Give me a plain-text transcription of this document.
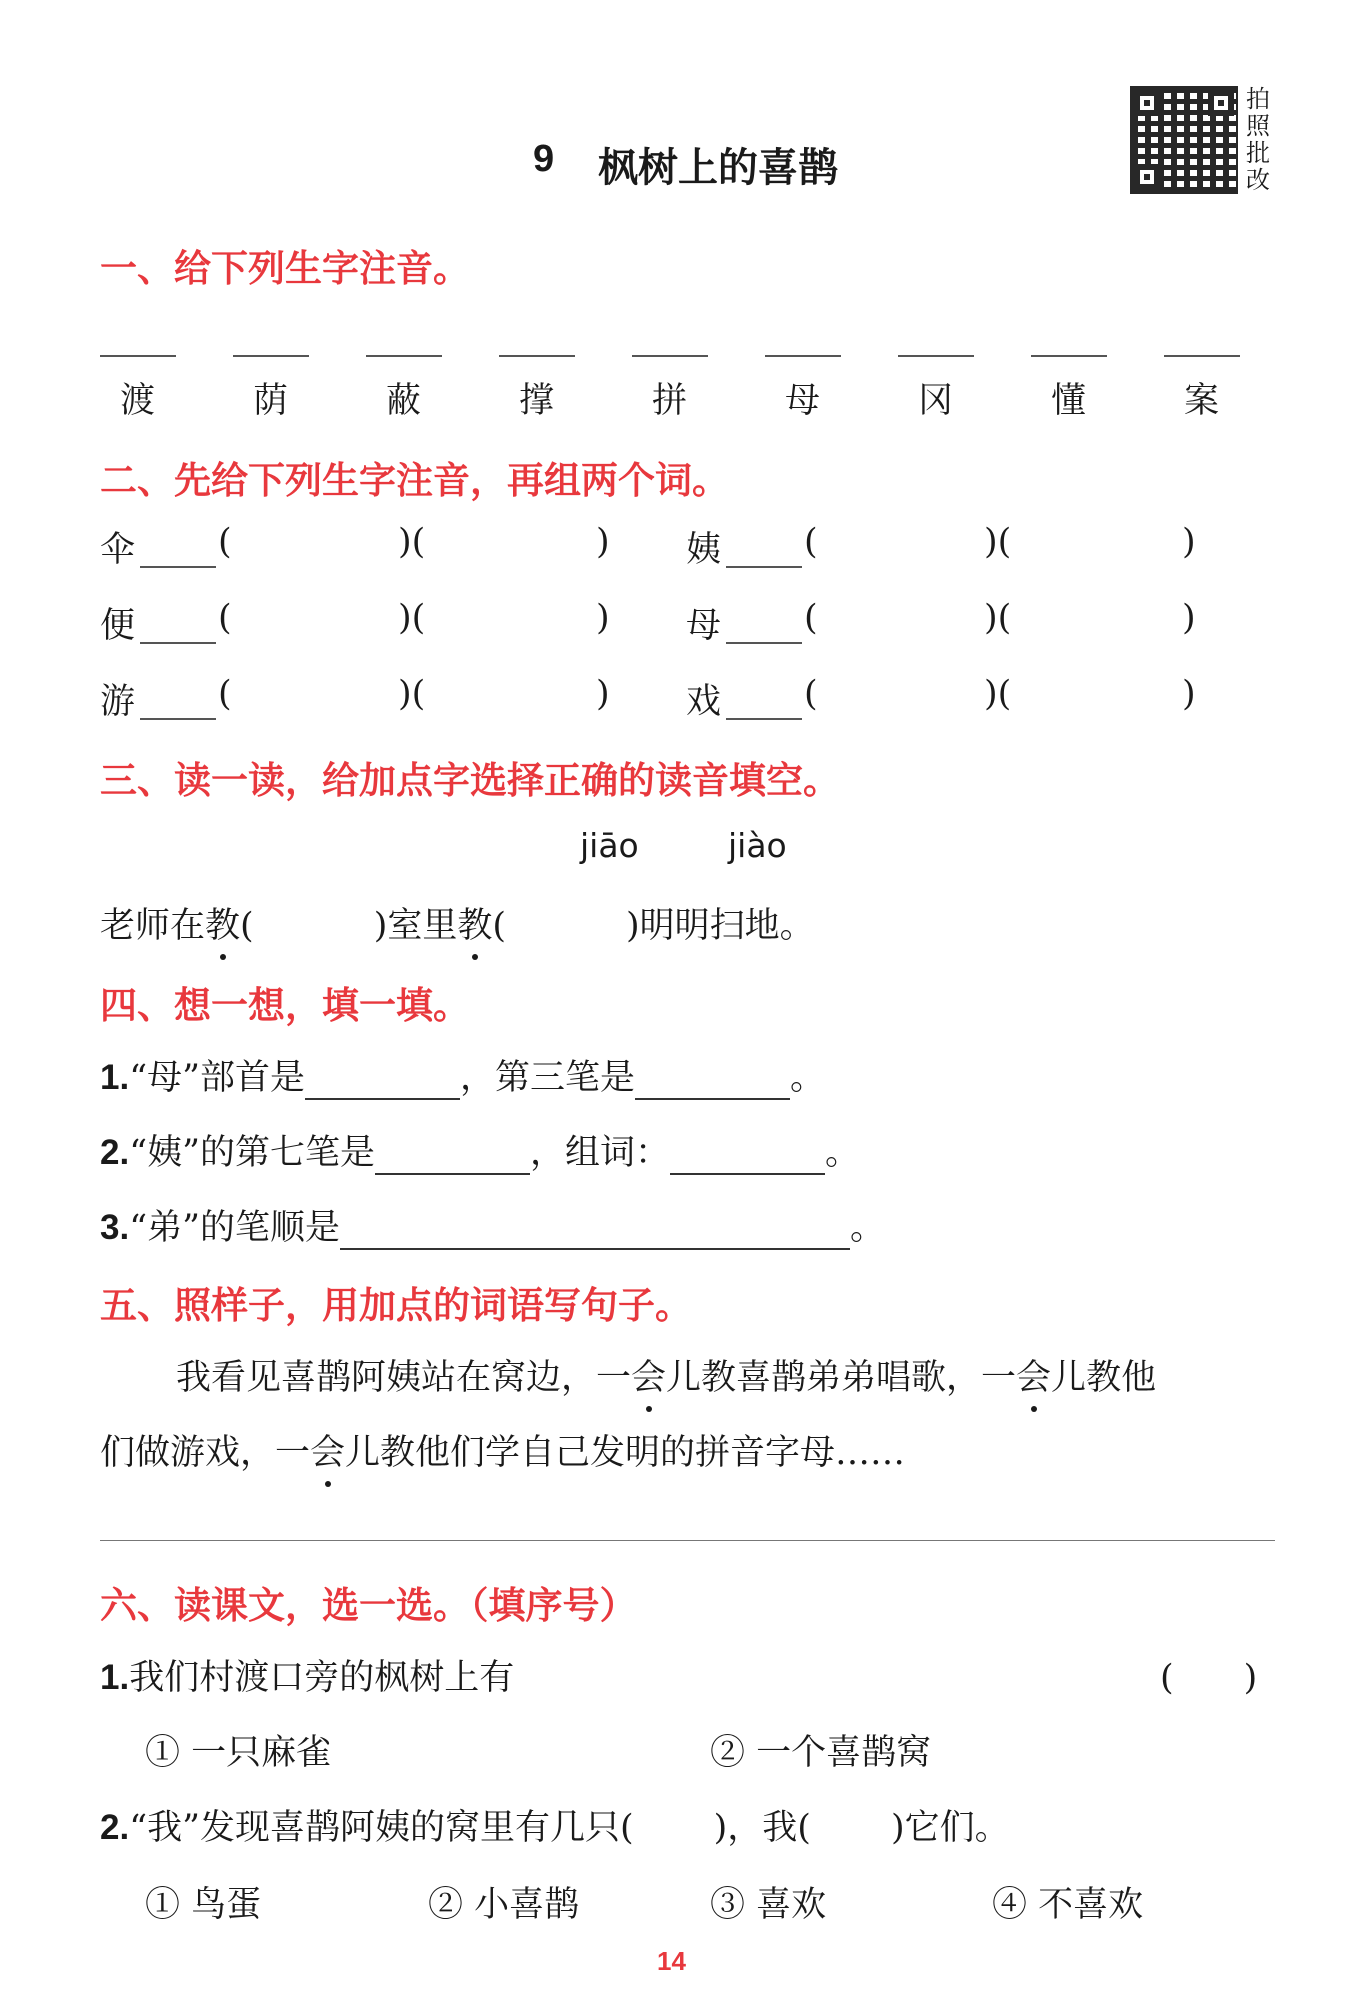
9 枫树上的喜鹊
拍照批改
一、给下列生字注音。
渡	荫	蔽	撑	拼	母	冈	懂	案
二、先给下列生字注音，再组两个词。
伞 (	)(	) 姨 (	)(	)
便 (	)(	) 母 (	)(	)
游 (	)(	) 戏 (	)(	)
三、读一读，给加点字选择正确的读音填空。
jiāo	jiào
老师在教(	)室里教(	)明明扫地。
四、想一想，填一填。
1.“母”部首是	，第三笔是	。
2.“姨”的第七笔是	，组词：	。
3.“弟”的笔顺是	。
五、照样子，用加点的词语写句子。
我看见喜鹊阿姨站在窝边，一会儿教喜鹊弟弟唱歌，一会儿教他
们做游戏，一会儿教他们学自己发明的拼音字母……
六、读课文，选一选。（填序号）
1.我们村渡口旁的枫树上有	(　　)
① 一只麻雀	② 一个喜鹊窝
2.“我”发现喜鹊阿姨的窝里有几只( )，我( )它们。
① 鸟蛋	② 小喜鹊	③ 喜欢	④ 不喜欢
14
